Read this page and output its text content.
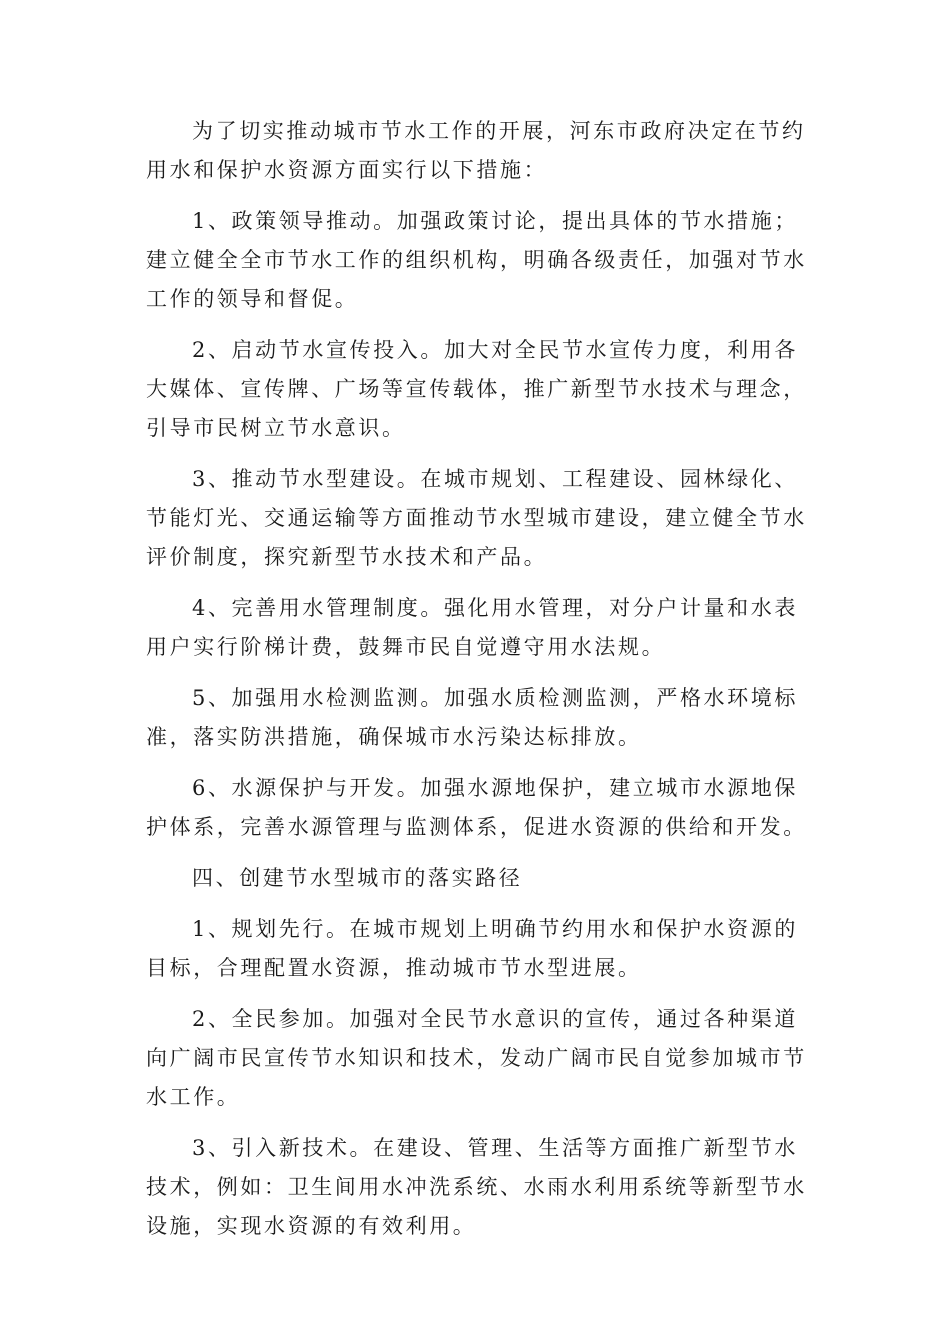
为了切实推动城市节水工作的开展，河东市政府决定在节约用水和保护水资源方面实行以下措施：

1、政策领导推动。加强政策讨论，提出具体的节水措施；建立健全全市节水工作的组织机构，明确各级责任，加强对节水工作的领导和督促。

2、启动节水宣传投入。加大对全民节水宣传力度，利用各大媒体、宣传牌、广场等宣传载体，推广新型节水技术与理念，引导市民树立节水意识。

3、推动节水型建设。在城市规划、工程建设、园林绿化、节能灯光、交通运输等方面推动节水型城市建设，建立健全节水评价制度，探究新型节水技术和产品。

4、完善用水管理制度。强化用水管理，对分户计量和水表用户实行阶梯计费，鼓舞市民自觉遵守用水法规。

5、加强用水检测监测。加强水质检测监测，严格水环境标准，落实防洪措施，确保城市水污染达标排放。

6、水源保护与开发。加强水源地保护，建立城市水源地保护体系，完善水源管理与监测体系，促进水资源的供给和开发。

四、创建节水型城市的落实路径

1、规划先行。在城市规划上明确节约用水和保护水资源的目标，合理配置水资源，推动城市节水型进展。

2、全民参加。加强对全民节水意识的宣传，通过各种渠道向广阔市民宣传节水知识和技术，发动广阔市民自觉参加城市节水工作。

3、引入新技术。在建设、管理、生活等方面推广新型节水技术，例如：卫生间用水冲洗系统、水雨水利用系统等新型节水设施，实现水资源的有效利用。
